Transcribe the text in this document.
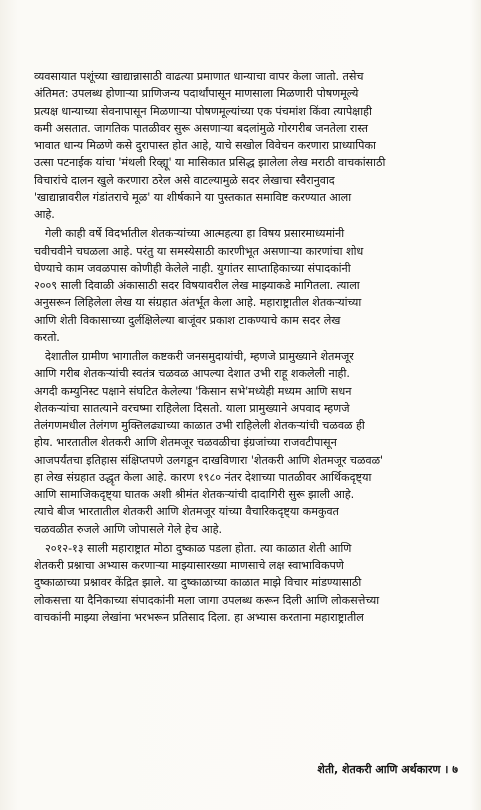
व्यवसायात पशूंच्या खाद्यान्नासाठी वाढत्या प्रमाणात धान्याचा वापर केला जातो. तसेच
अंतिमत: उपलब्ध होणाऱ्या प्राणिजन्य पदार्थांपासून माणसाला मिळणारी पोषणमूल्ये
प्रत्यक्ष धान्याच्या सेवनापासून मिळणाऱ्या पोषणमूल्यांच्या एक पंचमांश किंवा त्यापेक्षाही
कमी असतात. जागतिक पातळीवर सुरू असणाऱ्या बदलांमुळे गोरगरीब जनतेला रास्त
भावात धान्य मिळणे कसे दुरापास्त होत आहे, याचे सखोल विवेचन करणारा प्राध्यापिका
उत्सा पटनाईक यांचा 'मंथली रिव्ह्यू' या मासिकात प्रसिद्ध झालेला लेख मराठी वाचकांसाठी
विचारांचे दालन खुले करणारा ठरेल असे वाटल्यामुळे सदर लेखाचा स्वैरानुवाद
'खाद्यान्नावरील गंडांतराचे मूळ' या शीर्षकाने या पुस्तकात समाविष्ट करण्यात आला
आहे.
गेली काही वर्षे विदर्भातील शेतकऱ्यांच्या आत्महत्या हा विषय प्रसारमाध्यमांनी
चवीचवीने चघळला आहे. परंतु या समस्येसाठी कारणीभूत असणाऱ्या कारणांचा शोध
घेण्याचे काम जवळपास कोणीही केलेले नाही. युगांतर साप्ताहिकाच्या संपादकांनी
२००९ साली दिवाळी अंकासाठी सदर विषयावरील लेख माझ्याकडे मागितला. त्याला
अनुसरून लिहिलेला लेख या संग्रहात अंतर्भूत केला आहे. महाराष्ट्रातील शेतकऱ्यांच्या
आणि शेती विकासाच्या दुर्लक्षिलेल्या बाजूंवर प्रकाश टाकण्याचे काम सदर लेख
करतो.
देशातील ग्रामीण भागातील कष्टकरी जनसमुदायांची, म्हणजे प्रामुख्याने शेतमजूर
आणि गरीब शेतकऱ्यांची स्वतंत्र चळवळ आपल्या देशात उभी राहू शकलेली नाही.
अगदी कम्युनिस्ट पक्षाने संघटित केलेल्या 'किसान सभे'मध्येही मध्यम आणि सधन
शेतकऱ्यांचा सातत्याने वरचष्मा राहिलेला दिसतो. याला प्रामुख्याने अपवाद म्हणजे
तेलंगणमधील तेलंगण मुक्तिलढ्याच्या काळात उभी राहिलेली शेतकऱ्यांची चळवळ ही
होय. भारतातील शेतकरी आणि शेतमजूर चळवळीचा इंग्रजांच्या राजवटीपासून
आजपर्यंतचा इतिहास संक्षिप्तपणे उलगडून दाखविणारा 'शेतकरी आणि शेतमजूर चळवळ'
हा लेख संग्रहात उद्धृत केला आहे. कारण १९८० नंतर देशाच्या पातळीवर आर्थिकदृष्ट्या
आणि सामाजिकदृष्ट्या घातक अशी श्रीमंत शेतकऱ्यांची दादागिरी सुरू झाली आहे.
त्याचे बीज भारतातील शेतकरी आणि शेतमजूर यांच्या वैचारिकदृष्ट्या कमकुवत
चळवळीत रुजले आणि जोपासले गेले हेच आहे.
२०१२-१३ साली महाराष्ट्रात मोठा दुष्काळ पडला होता. त्या काळात शेती आणि
शेतकरी प्रश्नाचा अभ्यास करणाऱ्या माझ्यासारख्या माणसाचे लक्ष स्वाभाविकपणे
दुष्काळाच्या प्रश्नावर केंद्रित झाले. या दुष्काळाच्या काळात माझे विचार मांडण्यासाठी
लोकसत्ता या दैनिकाच्या संपादकांनी मला जागा उपलब्ध करून दिली आणि लोकसत्तेच्या
वाचकांनी माझ्या लेखांना भरभरून प्रतिसाद दिला. हा अभ्यास करताना महाराष्ट्रातील
शेती, शेतकरी आणि अर्थकारण । ७
